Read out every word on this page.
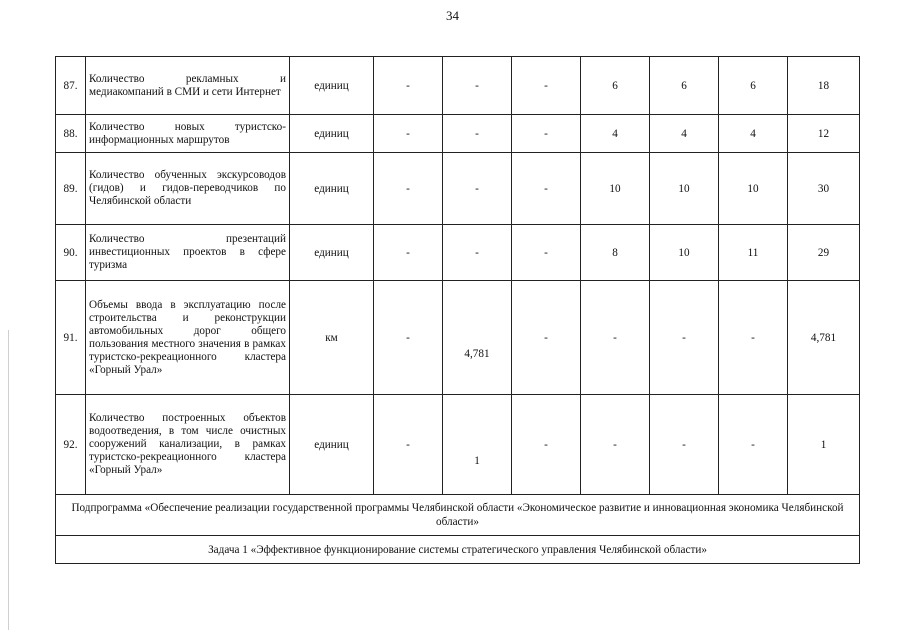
34
87.	Количество рекламных и медиакомпаний в СМИ и сети Интернет	единиц	-	-	-	6	6	6	18
88.	Количество новых туристско-информационных маршрутов	единиц	-	-	-	4	4	4	12
89.	Количество обученных экскурсоводов (гидов) и гидов-переводчиков по Челябинской области	единиц	-	-	-	10	10	10	30
90.	Количество презентаций инвестиционных проектов в сфере туризма	единиц	-	-	-	8	10	11	29
91.	Объемы ввода в эксплуатацию после строительства и реконструкции автомобильных дорог общего пользования местного значения в рамках туристско-рекреационного кластера «Горный Урал»	км	-	4,781	-	-	-	-	4,781
92.	Количество построенных объектов водоотведения, в том числе очистных сооружений канализации, в рамках туристско-рекреационного кластера «Горный Урал»	единиц	-	1	-	-	-	-	1
Подпрограмма «Обеспечение реализации государственной программы Челябинской области «Экономическое развитие и инновационная экономика Челябинской области»									
Задача 1 «Эффективное функционирование системы стратегического управления Челябинской области»									
